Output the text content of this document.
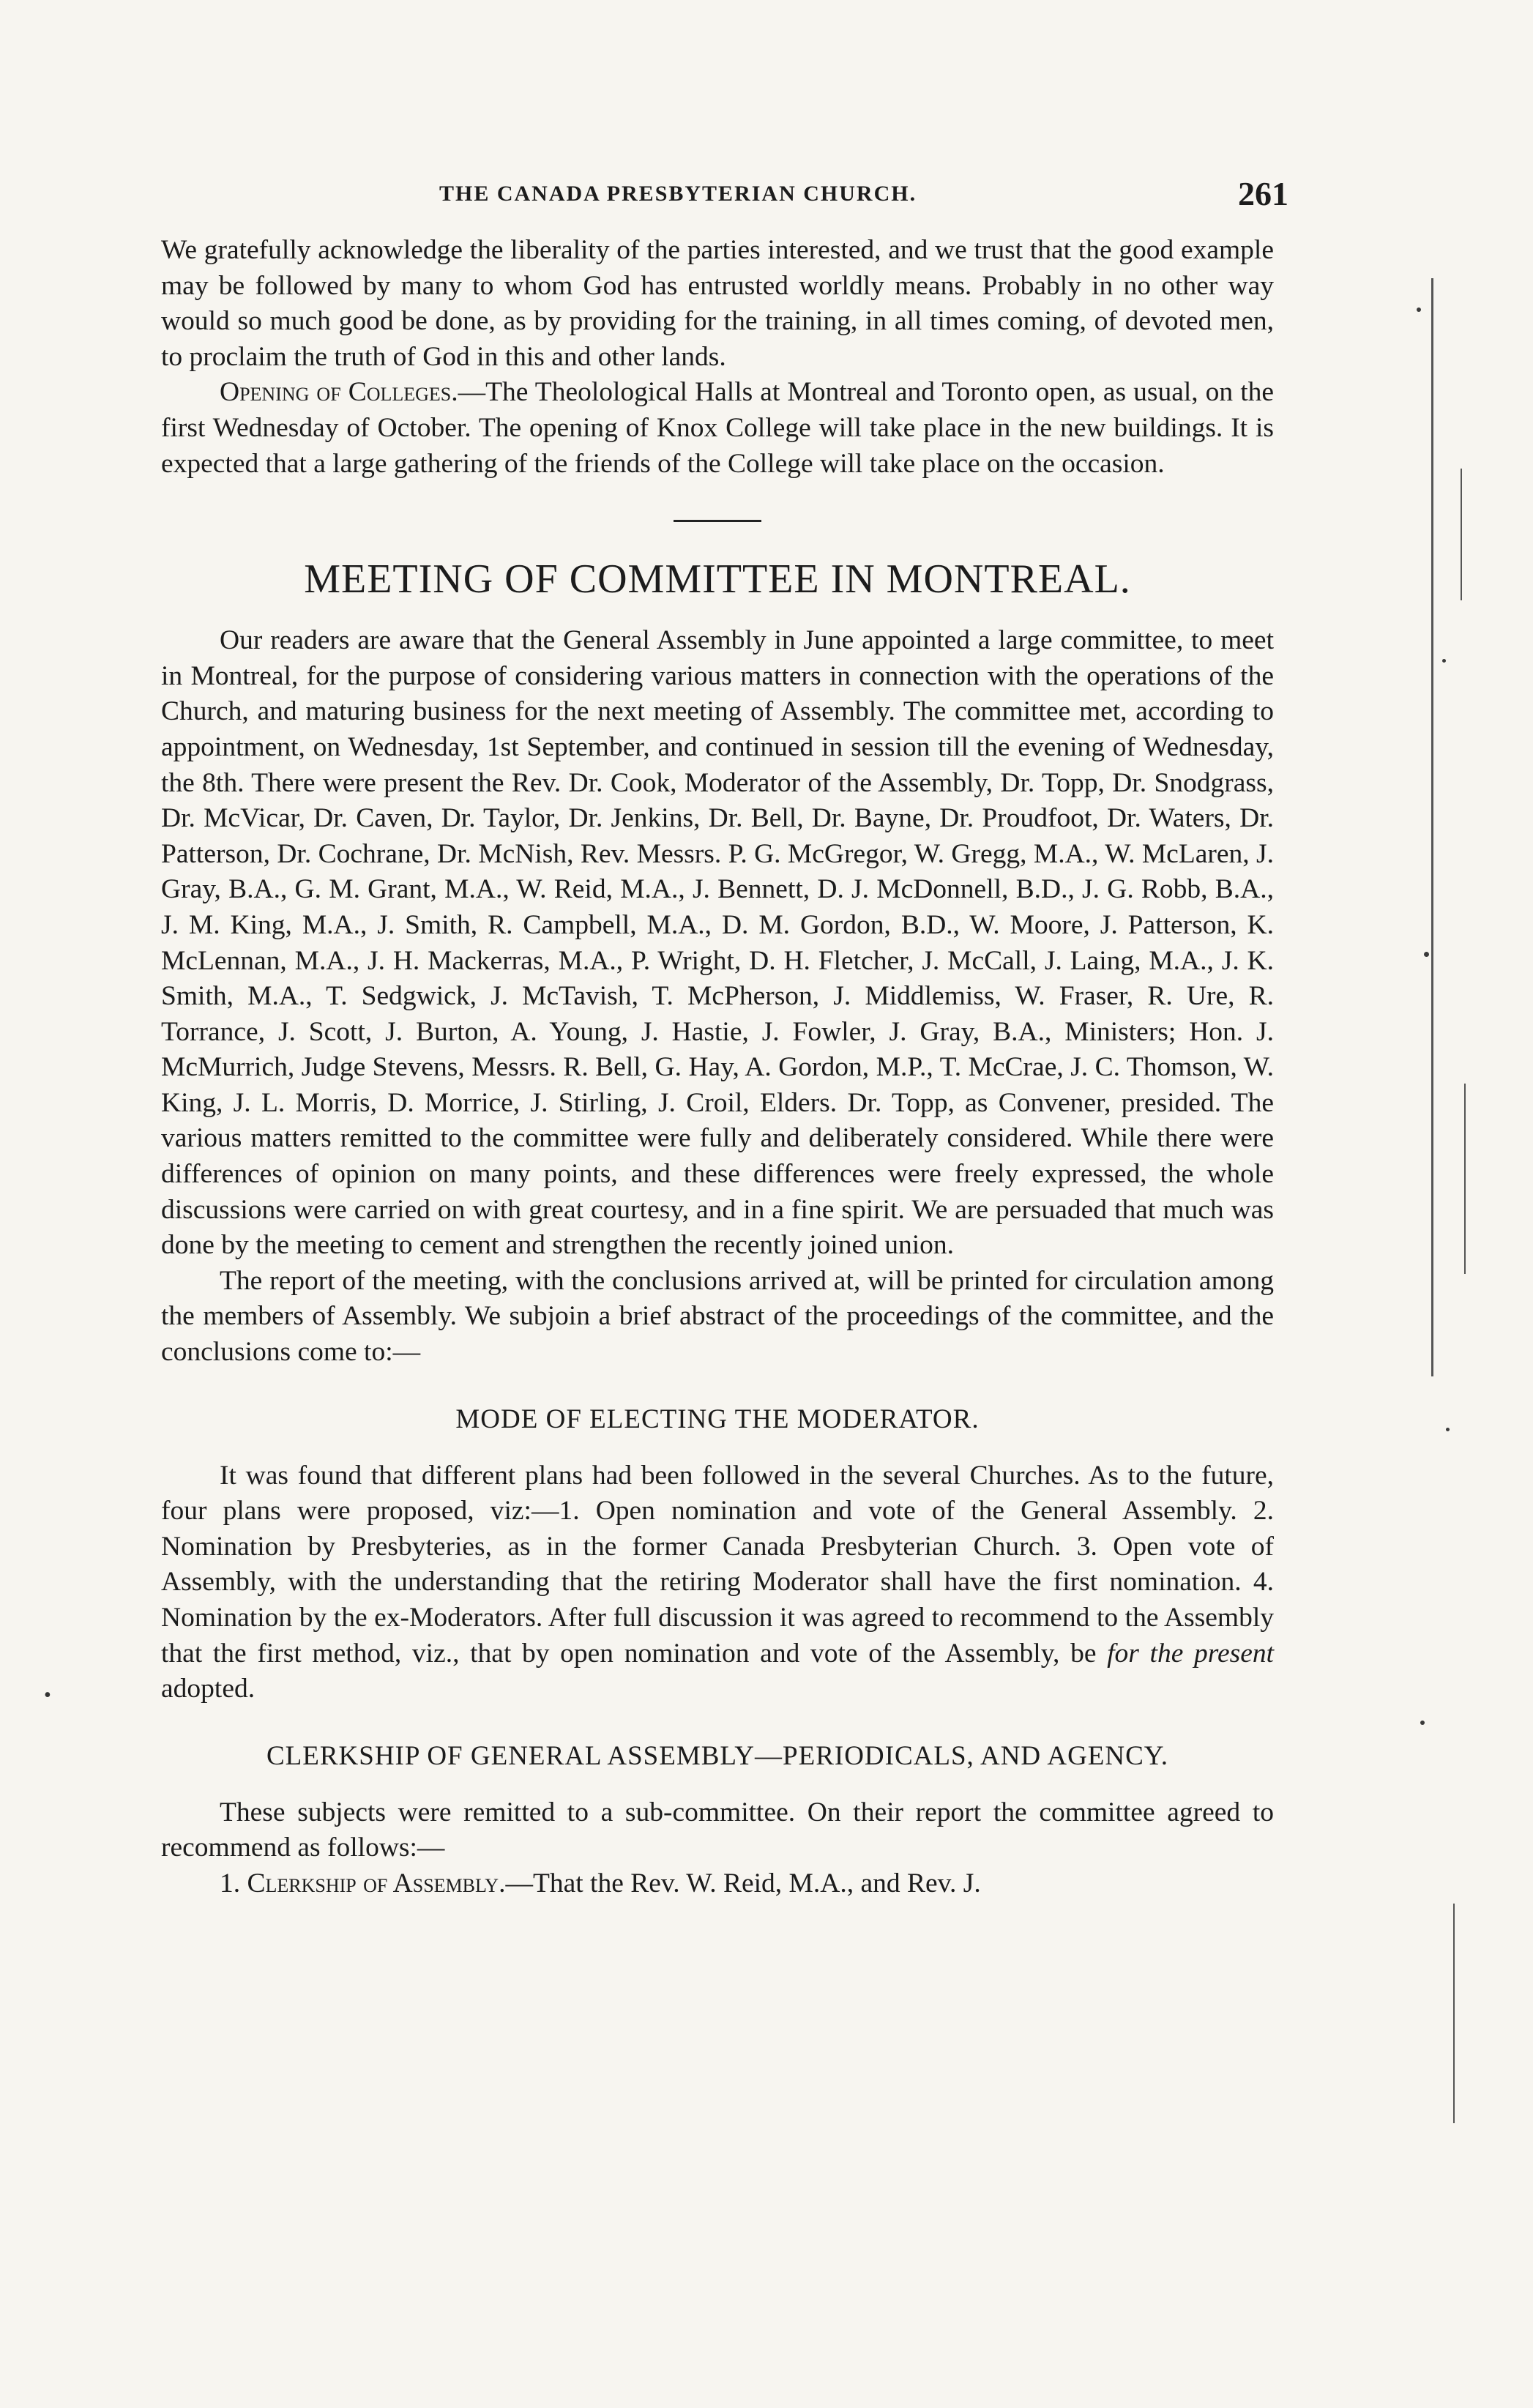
THE CANADA PRESBYTERIAN CHURCH.	261

We gratefully acknowledge the liberality of the parties interested, and we trust that the good example may be followed by many to whom God has entrusted worldly means. Probably in no other way would so much good be done, as by providing for the training, in all times coming, of devoted men, to proclaim the truth of God in this and other lands.

Opening of Colleges.—The Theolological Halls at Montreal and Toronto open, as usual, on the first Wednesday of October. The opening of Knox College will take place in the new buildings. It is expected that a large gathering of the friends of the College will take place on the occasion.

MEETING OF COMMITTEE IN MONTREAL.

Our readers are aware that the General Assembly in June appointed a large committee, to meet in Montreal, for the purpose of considering various matters in connection with the operations of the Church, and maturing business for the next meeting of Assembly. The committee met, according to appointment, on Wednesday, 1st September, and continued in session till the evening of Wednesday, the 8th. There were present the Rev. Dr. Cook, Moderator of the Assembly, Dr. Topp, Dr. Snodgrass, Dr. McVicar, Dr. Caven, Dr. Taylor, Dr. Jenkins, Dr. Bell, Dr. Bayne, Dr. Proudfoot, Dr. Waters, Dr. Patterson, Dr. Cochrane, Dr. McNish, Rev. Messrs. P. G. McGregor, W. Gregg, M.A., W. McLaren, J. Gray, B.A., G. M. Grant, M.A., W. Reid, M.A., J. Bennett, D. J. McDonnell, B.D., J. G. Robb, B.A., J. M. King, M.A., J. Smith, R. Campbell, M.A., D. M. Gordon, B.D., W. Moore, J. Patterson, K. McLennan, M.A., J. H. Mackerras, M.A., P. Wright, D. H. Fletcher, J. McCall, J. Laing, M.A., J. K. Smith, M.A., T. Sedgwick, J. McTavish, T. McPherson, J. Middlemiss, W. Fraser, R. Ure, R. Torrance, J. Scott, J. Burton, A. Young, J. Hastie, J. Fowler, J. Gray, B.A., Ministers; Hon. J. McMurrich, Judge Stevens, Messrs. R. Bell, G. Hay, A. Gordon, M.P., T. McCrae, J. C. Thomson, W. King, J. L. Morris, D. Morrice, J. Stirling, J. Croil, Elders. Dr. Topp, as Convener, presided. The various matters remitted to the committee were fully and deliberately considered. While there were differences of opinion on many points, and these differences were freely expressed, the whole discussions were carried on with great courtesy, and in a fine spirit. We are persuaded that much was done by the meeting to cement and strengthen the recently joined union.

The report of the meeting, with the conclusions arrived at, will be printed for circulation among the members of Assembly. We subjoin a brief abstract of the proceedings of the committee, and the conclusions come to:—

MODE OF ELECTING THE MODERATOR.

It was found that different plans had been followed in the several Churches. As to the future, four plans were proposed, viz:—1. Open nomination and vote of the General Assembly. 2. Nomination by Presbyteries, as in the former Canada Presbyterian Church. 3. Open vote of Assembly, with the understanding that the retiring Moderator shall have the first nomination. 4. Nomination by the ex-Moderators. After full discussion it was agreed to recommend to the Assembly that the first method, viz., that by open nomination and vote of the Assembly, be for the present adopted.

CLERKSHIP OF GENERAL ASSEMBLY—PERIODICALS, AND AGENCY.

These subjects were remitted to a sub-committee. On their report the committee agreed to recommend as follows:—

1. Clerkship of Assembly.—That the Rev. W. Reid, M.A., and Rev. J.

•
